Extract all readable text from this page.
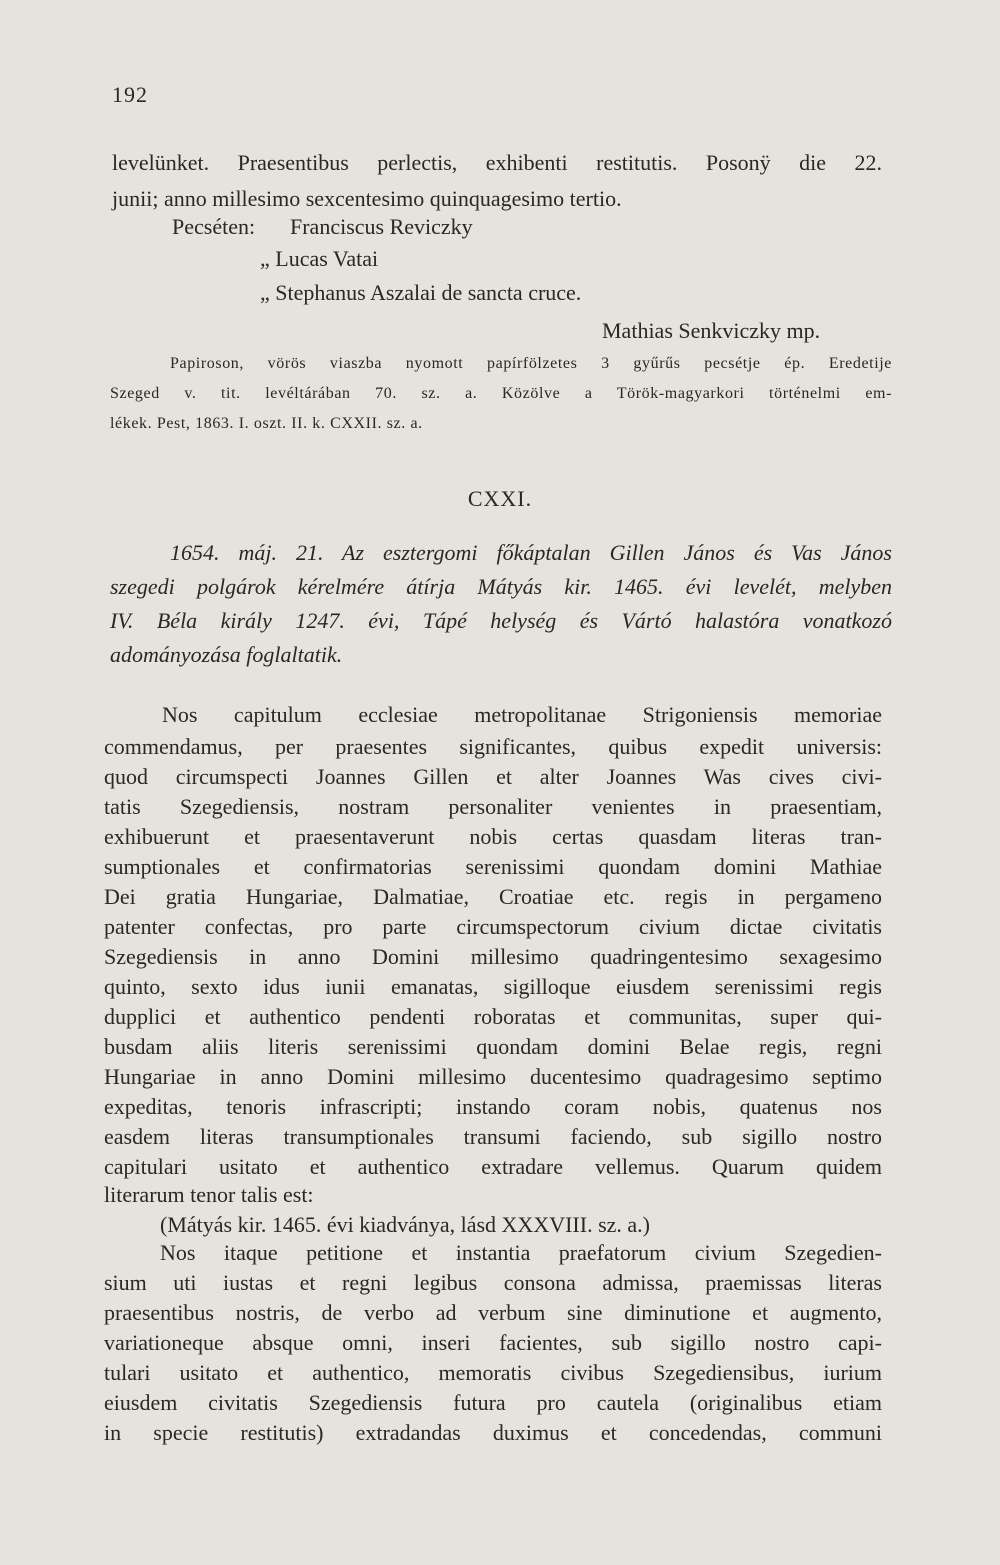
192
levelünket. Praesentibus perlectis, exhibenti restitutis. Posonÿ die 22.
junii; anno millesimo sexcentesimo quinquagesimo tertio.
Pecséten: Franciscus Reviczky
„ Lucas Vatai
„ Stephanus Aszalai de sancta cruce.
Mathias Senkviczky mp.
Papiroson, vörös viaszba nyomott papírfölzetes 3 gyűrűs pecsétje ép. Eredetije
Szeged v. tit. levéltárában 70. sz. a. Közölve a Török-magyarkori történelmi em-
lékek. Pest, 1863. I. oszt. II. k. CXXII. sz. a.
CXXI.
1654. máj. 21. Az esztergomi főkáptalan Gillen János és Vas János
szegedi polgárok kérelmére átírja Mátyás kir. 1465. évi levelét, melyben
IV. Béla király 1247. évi, Tápé helység és Vártó halastóra vonatkozó
adományozása foglaltatik.
Nos capitulum ecclesiae metropolitanae Strigoniensis memoriae
commendamus, per praesentes significantes, quibus expedit universis:
quod circumspecti Joannes Gillen et alter Joannes Was cives civi-
tatis Szegediensis, nostram personaliter venientes in praesentiam,
exhibuerunt et praesentaverunt nobis certas quasdam literas tran-
sumptionales et confirmatorias serenissimi quondam domini Mathiae
Dei gratia Hungariae, Dalmatiae, Croatiae etc. regis in pergameno
patenter confectas, pro parte circumspectorum civium dictae civitatis
Szegediensis in anno Domini millesimo quadringentesimo sexagesimo
quinto, sexto idus iunii emanatas, sigilloque eiusdem serenissimi regis
dupplici et authentico pendenti roboratas et communitas, super qui-
busdam aliis literis serenissimi quondam domini Belae regis, regni
Hungariae in anno Domini millesimo ducentesimo quadragesimo septimo
expeditas, tenoris infrascripti; instando coram nobis, quatenus nos
easdem literas transumptionales transumi faciendo, sub sigillo nostro
capitulari usitato et authentico extradare vellemus. Quarum quidem
literarum tenor talis est:
(Mátyás kir. 1465. évi kiadványa, lásd XXXVIII. sz. a.)
Nos itaque petitione et instantia praefatorum civium Szegedien-
sium uti iustas et regni legibus consona admissa, praemissas literas
praesentibus nostris, de verbo ad verbum sine diminutione et augmento,
variationeque absque omni, inseri facientes, sub sigillo nostro capi-
tulari usitato et authentico, memoratis civibus Szegediensibus, iurium
eiusdem civitatis Szegediensis futura pro cautela (originalibus etiam
in specie restitutis) extradandas duximus et concedendas, communi
